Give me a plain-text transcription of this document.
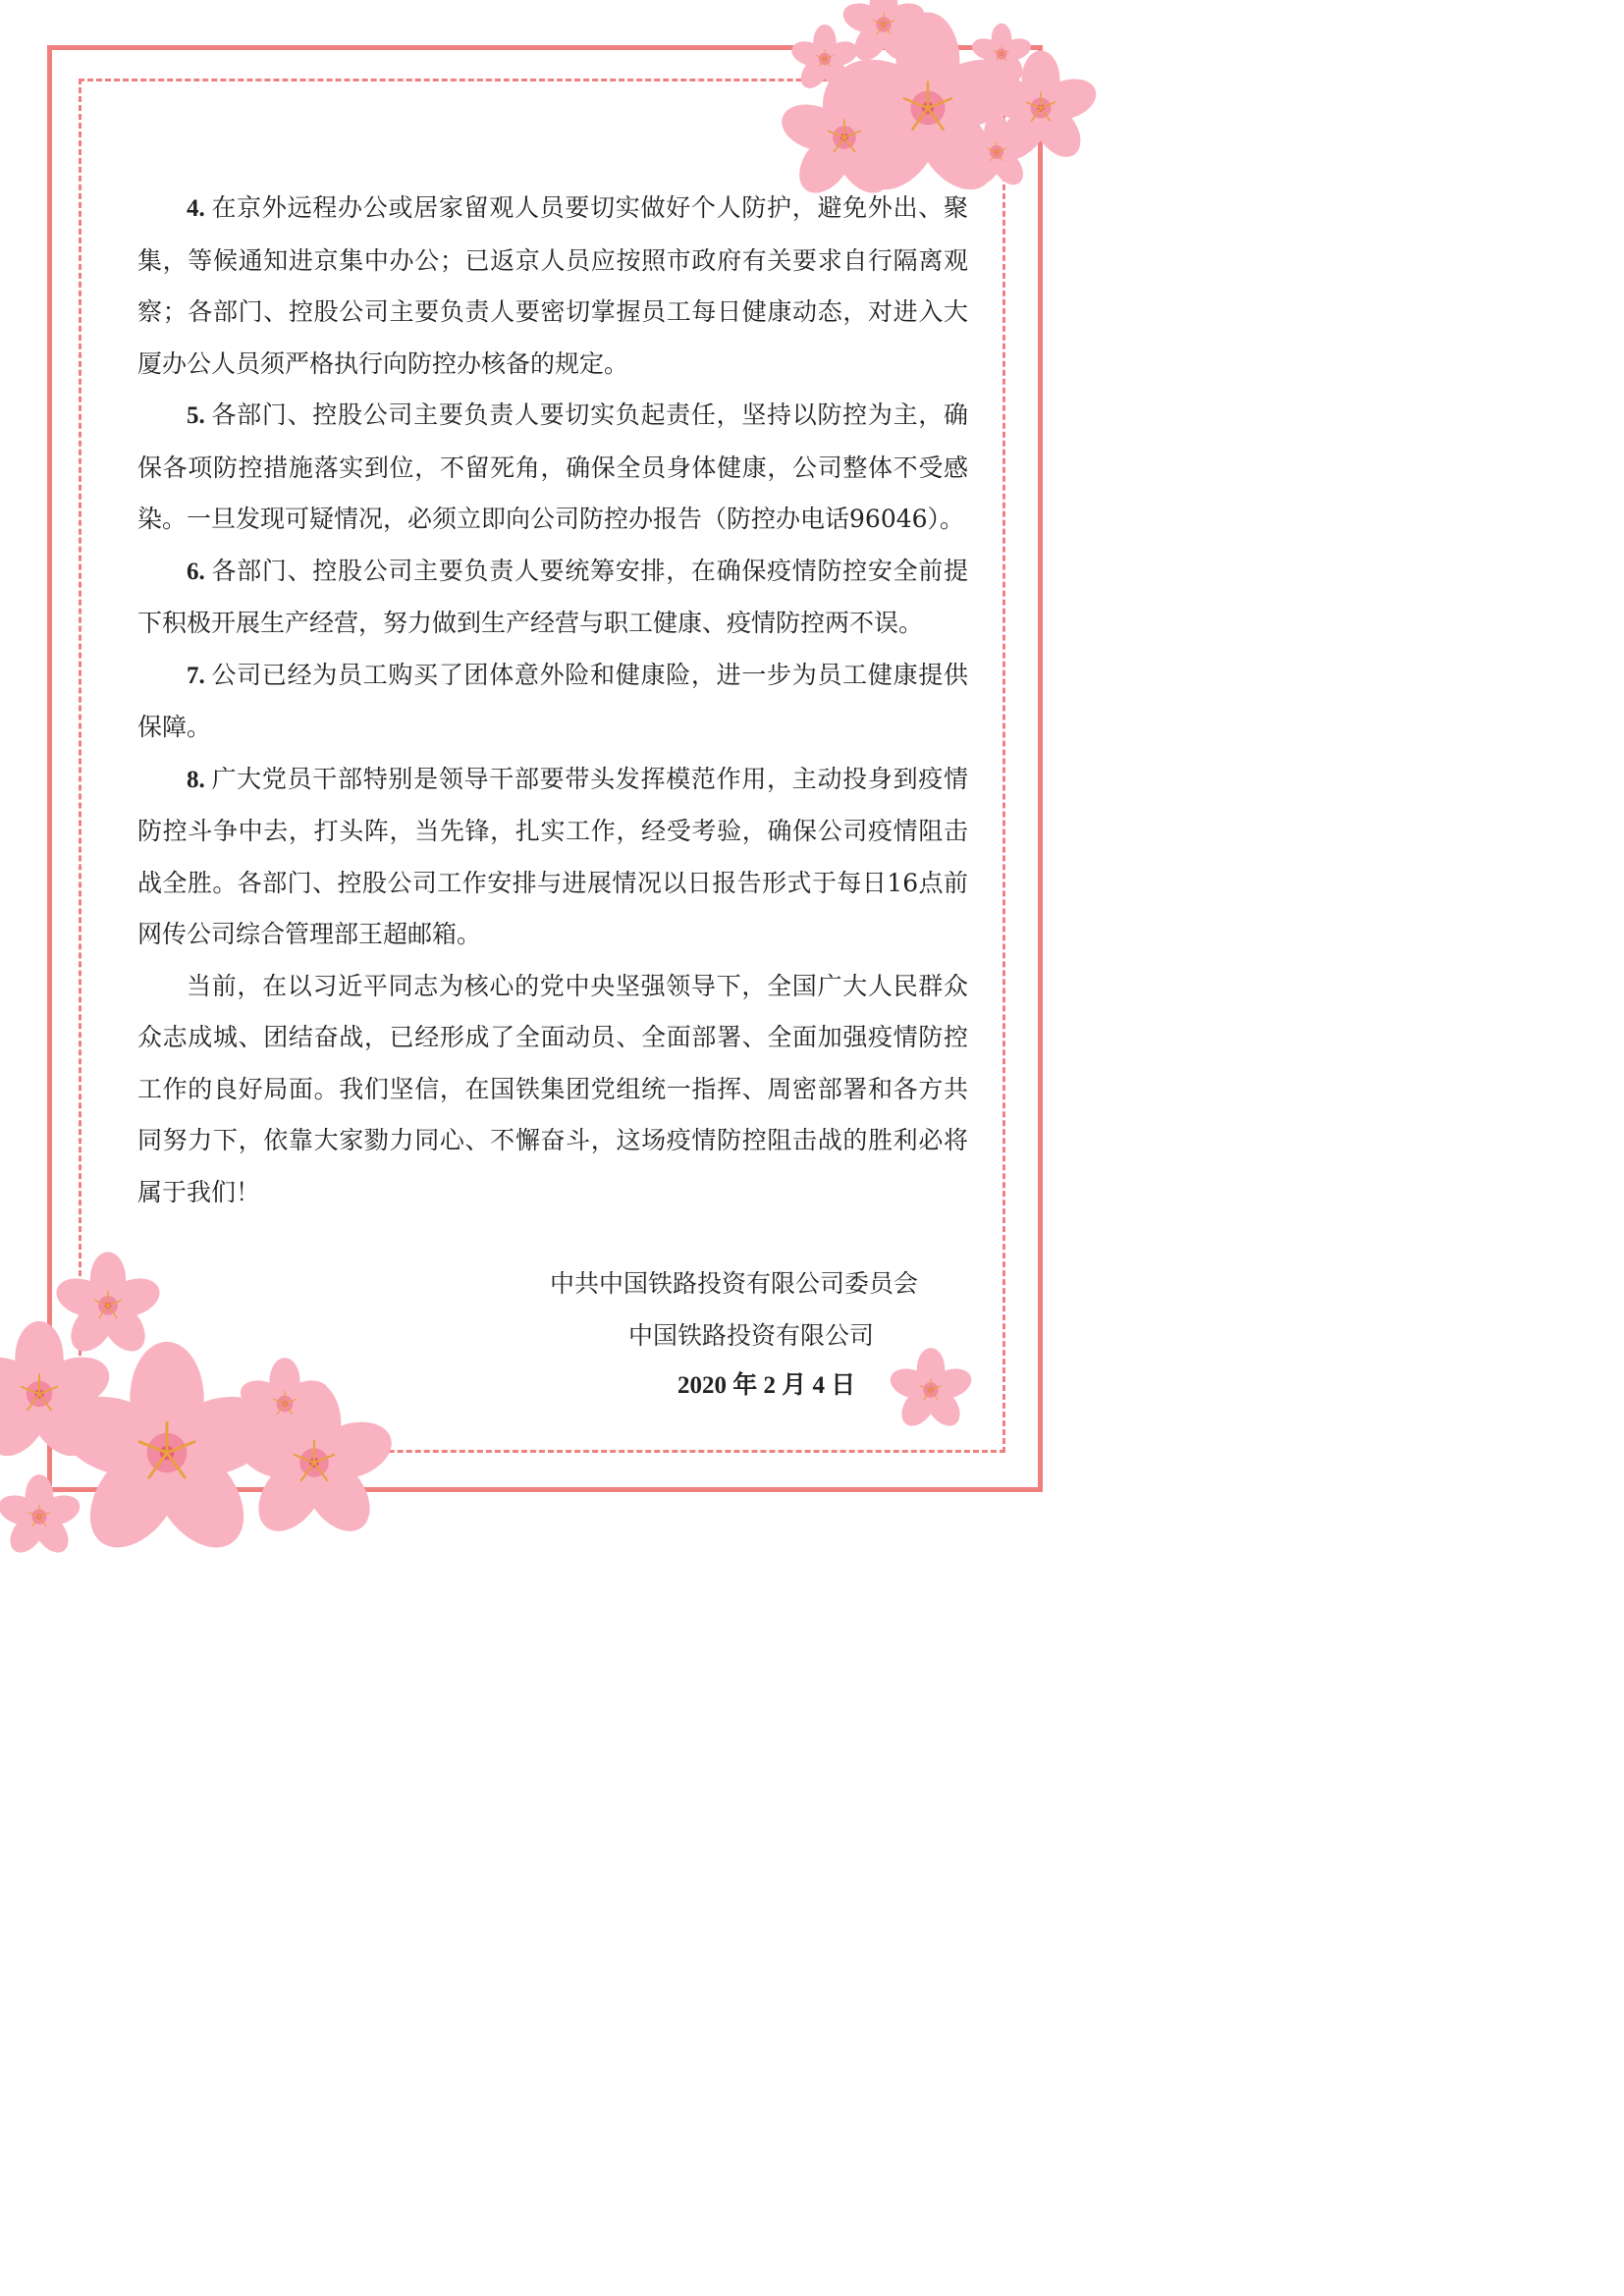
4. 在京外远程办公或居家留观人员要切实做好个人防护，避免外出、聚集，等候通知进京集中办公；已返京人员应按照市政府有关要求自行隔离观察；各部门、控股公司主要负责人要密切掌握员工每日健康动态，对进入大厦办公人员须严格执行向防控办核备的规定。

5. 各部门、控股公司主要负责人要切实负起责任，坚持以防控为主，确保各项防控措施落实到位，不留死角，确保全员身体健康，公司整体不受感染。一旦发现可疑情况，必须立即向公司防控办报告（防控办电话96046）。

6. 各部门、控股公司主要负责人要统筹安排，在确保疫情防控安全前提下积极开展生产经营，努力做到生产经营与职工健康、疫情防控两不误。

7. 公司已经为员工购买了团体意外险和健康险，进一步为员工健康提供保障。

8. 广大党员干部特别是领导干部要带头发挥模范作用，主动投身到疫情防控斗争中去，打头阵，当先锋，扎实工作，经受考验，确保公司疫情阻击战全胜。各部门、控股公司工作安排与进展情况以日报告形式于每日16点前网传公司综合管理部王超邮箱。

当前，在以习近平同志为核心的党中央坚强领导下，全国广大人民群众众志成城、团结奋战，已经形成了全面动员、全面部署、全面加强疫情防控工作的良好局面。我们坚信，在国铁集团党组统一指挥、周密部署和各方共同努力下，依靠大家勠力同心、不懈奋斗，这场疫情防控阻击战的胜利必将属于我们！

中共中国铁路投资有限公司委员会
中国铁路投资有限公司
2020 年 2 月 4 日
